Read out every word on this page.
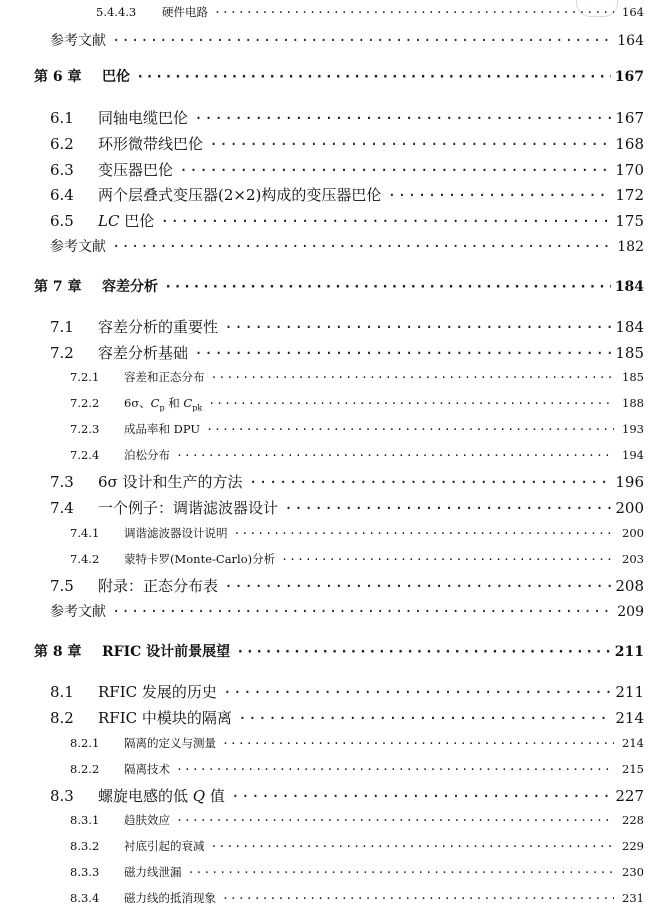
5.4.4.3	硬件电路 ·····	164
参考文献 ·····	164
第 6 章	巴伦 ·····	167
6.1	同轴电缆巴伦 ·····	167
6.2	环形微带线巴伦 ·····	168
6.3	变压器巴伦 ·····	170
6.4	两个层叠式变压器(2×2)构成的变压器巴伦 ·····	172
6.5	LC 巴伦 ·····	175
参考文献 ·····	182
第 7 章	容差分析 ·····	184
7.1	容差分析的重要性 ·····	184
7.2	容差分析基础 ·····	185
7.2.1	容差和正态分布 ·····	185
7.2.2	6σ、$C_p$ 和 $C_{pk}$ ·····	188
7.2.3	成品率和 DPU ·····	193
7.2.4	泊松分布 ·····	194
7.3	6σ 设计和生产的方法 ·····	196
7.4	一个例子：调谐滤波器设计 ·····	200
7.4.1	调谐滤波器设计说明 ·····	200
7.4.2	蒙特卡罗(Monte-Carlo)分析 ·····	203
7.5	附录：正态分布表 ·····	208
参考文献 ·····	209
第 8 章	RFIC 设计前景展望 ·····	211
8.1	RFIC 发展的历史 ·····	211
8.2	RFIC 中模块的隔离 ·····	214
8.2.1	隔离的定义与测量 ·····	214
8.2.2	隔离技术 ·····	215
8.3	螺旋电感的低 Q 值 ·····	227
8.3.1	趋肤效应 ·····	228
8.3.2	衬底引起的衰减 ·····	229
8.3.3	磁力线泄漏 ·····	230
8.3.4	磁力线的抵消现象 ·····	231
